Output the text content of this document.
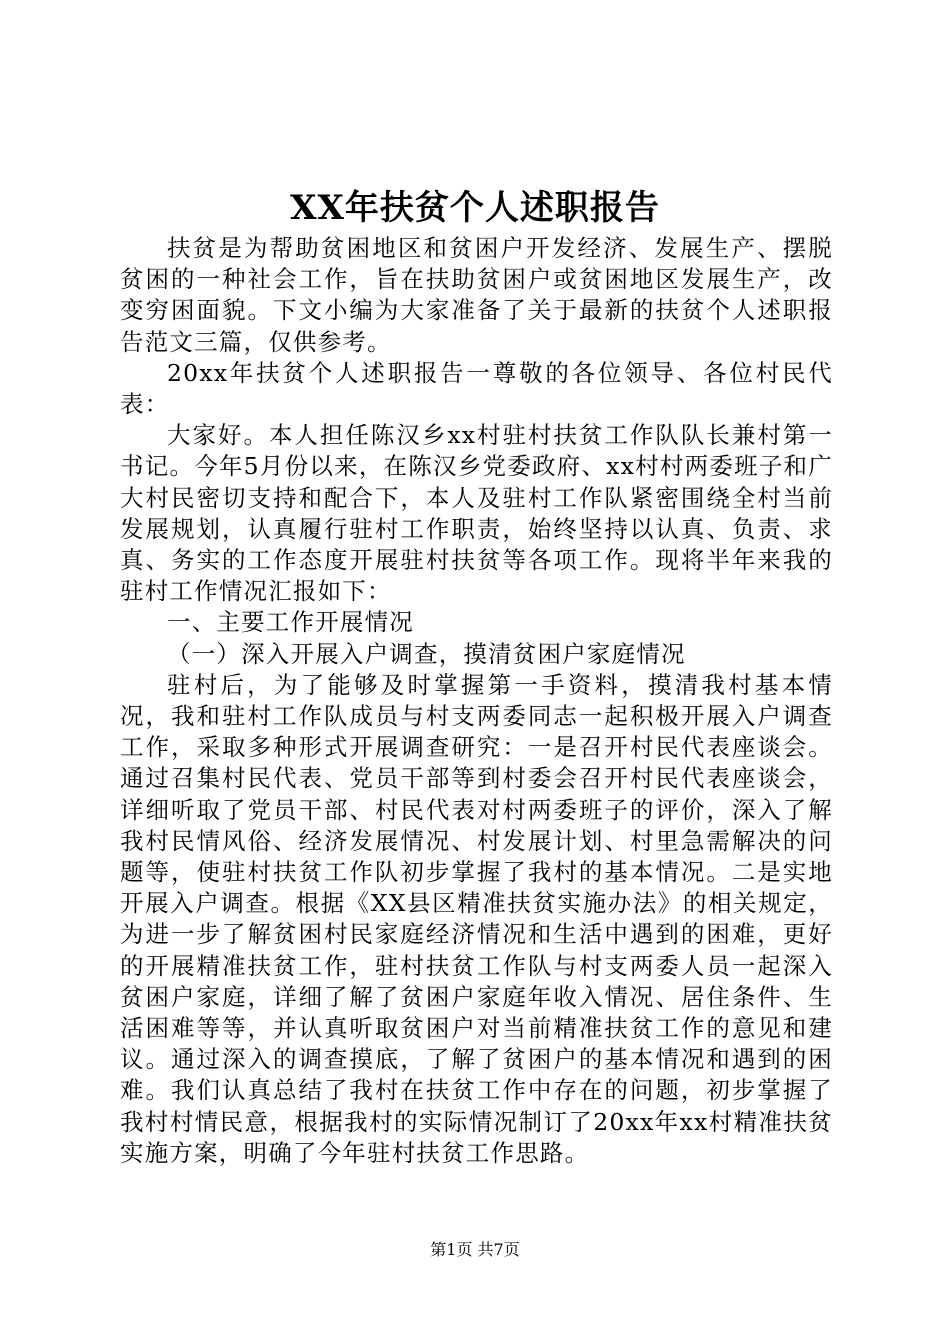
XX年扶贫个人述职报告

扶贫是为帮助贫困地区和贫困户开发经济、发展生产、摆脱贫困的一种社会工作，旨在扶助贫困户或贫困地区发展生产，改变穷困面貌。下文小编为大家准备了关于最新的扶贫个人述职报告范文三篇，仅供参考。

20xx年扶贫个人述职报告一尊敬的各位领导、各位村民代表：

大家好。本人担任陈汉乡xx村驻村扶贫工作队队长兼村第一书记。今年5月份以来，在陈汉乡党委政府、xx村村两委班子和广大村民密切支持和配合下，本人及驻村工作队紧密围绕全村当前发展规划，认真履行驻村工作职责，始终坚持以认真、负责、求真、务实的工作态度开展驻村扶贫等各项工作。现将半年来我的驻村工作情况汇报如下：

一、主要工作开展情况

（一）深入开展入户调查，摸清贫困户家庭情况

驻村后，为了能够及时掌握第一手资料，摸清我村基本情况，我和驻村工作队成员与村支两委同志一起积极开展入户调查工作，采取多种形式开展调查研究：一是召开村民代表座谈会。通过召集村民代表、党员干部等到村委会召开村民代表座谈会，详细听取了党员干部、村民代表对村两委班子的评价，深入了解我村民情风俗、经济发展情况、村发展计划、村里急需解决的问题等，使驻村扶贫工作队初步掌握了我村的基本情况。二是实地开展入户调查。根据《XX县区精准扶贫实施办法》的相关规定，为进一步了解贫困村民家庭经济情况和生活中遇到的困难，更好的开展精准扶贫工作，驻村扶贫工作队与村支两委人员一起深入贫困户家庭，详细了解了贫困户家庭年收入情况、居住条件、生活困难等等，并认真听取贫困户对当前精准扶贫工作的意见和建议。通过深入的调查摸底，了解了贫困户的基本情况和遇到的困难。我们认真总结了我村在扶贫工作中存在的问题，初步掌握了我村村情民意，根据我村的实际情况制订了20xx年xx村精准扶贫实施方案，明确了今年驻村扶贫工作思路。

第1页 共7页
